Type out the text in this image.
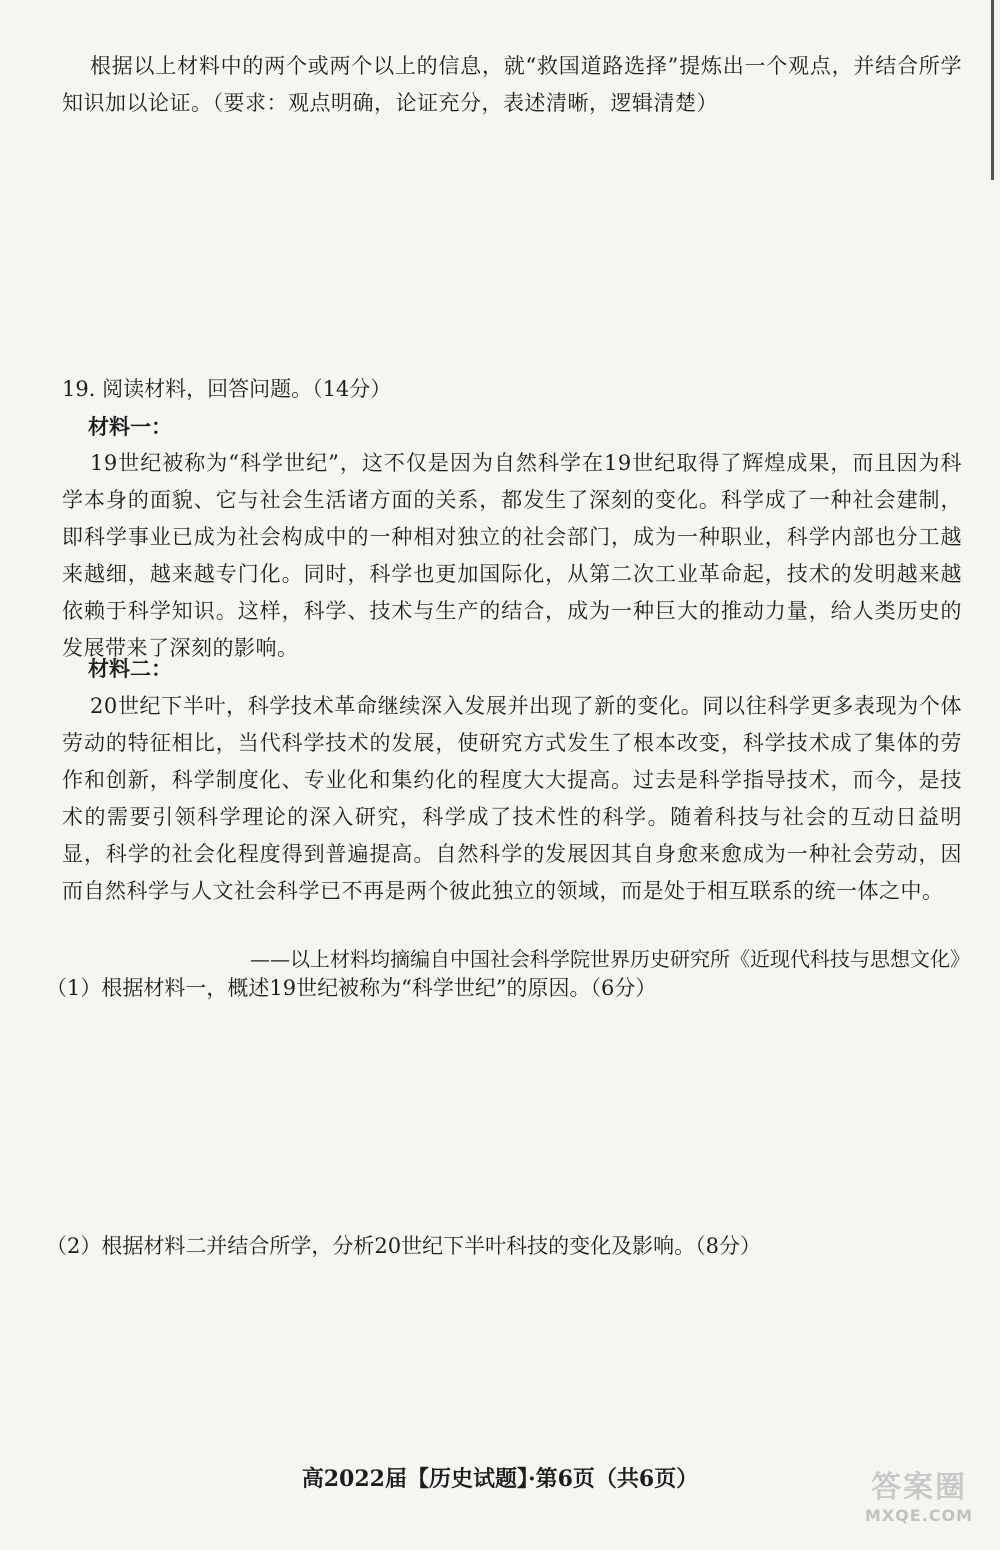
根据以上材料中的两个或两个以上的信息，就“救国道路选择”提炼出一个观点，并结合所学知识加以论证。（要求：观点明确，论证充分，表述清晰，逻辑清楚）
19. 阅读材料，回答问题。（14分）
材料一：
19世纪被称为“科学世纪”，这不仅是因为自然科学在19世纪取得了辉煌成果，而且因为科学本身的面貌、它与社会生活诸方面的关系，都发生了深刻的变化。科学成了一种社会建制，即科学事业已成为社会构成中的一种相对独立的社会部门，成为一种职业，科学内部也分工越来越细，越来越专门化。同时，科学也更加国际化，从第二次工业革命起，技术的发明越来越依赖于科学知识。这样，科学、技术与生产的结合，成为一种巨大的推动力量，给人类历史的发展带来了深刻的影响。
材料二：
20世纪下半叶，科学技术革命继续深入发展并出现了新的变化。同以往科学更多表现为个体劳动的特征相比，当代科学技术的发展，使研究方式发生了根本改变，科学技术成了集体的劳作和创新，科学制度化、专业化和集约化的程度大大提高。过去是科学指导技术，而今，是技术的需要引领科学理论的深入研究，科学成了技术性的科学。随着科技与社会的互动日益明显，科学的社会化程度得到普遍提高。自然科学的发展因其自身愈来愈成为一种社会劳动，因而自然科学与人文社会科学已不再是两个彼此独立的领域，而是处于相互联系的统一体之中。
——以上材料均摘编自中国社会科学院世界历史研究所《近现代科技与思想文化》
（1）根据材料一，概述19世纪被称为“科学世纪”的原因。（6分）
（2）根据材料二并结合所学，分析20世纪下半叶科技的变化及影响。（8分）
高2022届【历史试题】·第6页（共6页）	答案圈
MXQE.COM
